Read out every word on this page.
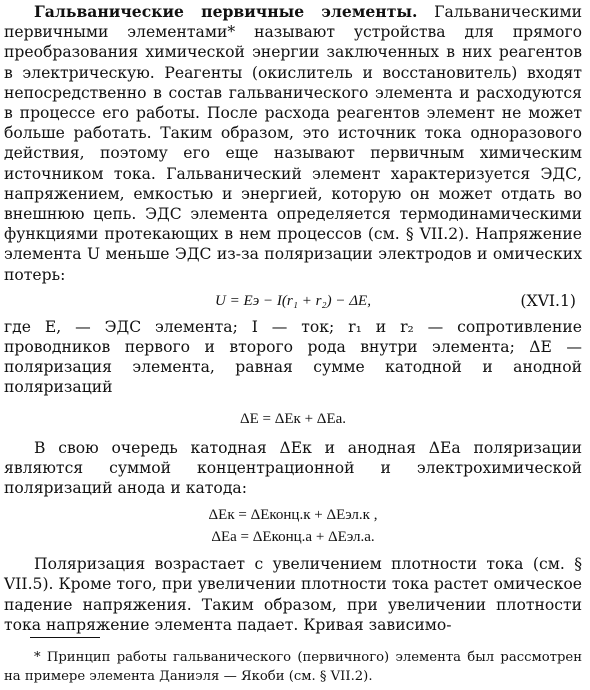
Гальванические первичные элементы. Гальваническими первичными элементами* называют устройства для прямого преобразования химической энергии заключенных в них реагентов в электрическую. Реагенты (окислитель и восстановитель) входят непосредственно в состав гальванического элемента и расходуются в процессе его работы. После расхода реагентов элемент не может больше работать. Таким образом, это источник тока одноразового действия, поэтому его еще называют первичным химическим источником тока. Гальванический элемент характеризуется ЭДС, напряжением, емкостью и энергией, которую он может отдать во внешнюю цепь. ЭДС элемента определяется термодинамическими функциями протекающих в нем процессов (см. § VII.2). Напряжение элемента U меньше ЭДС из-за поляризации электродов и омических потерь:

U = Eэ − I(r₁ + r₂) − ΔE,	(XVI.1)

где E, — ЭДС элемента; I — ток; r₁ и r₂ — сопротивление проводников первого и второго рода внутри элемента; ΔE — поляризация элемента, равная сумме катодной и анодной поляризаций

ΔE = ΔEк + ΔEа.

В свою очередь катодная ΔEк и анодная ΔEа поляризации являются суммой концентрационной и электрохимической поляризаций анода и катода:

ΔEк = ΔEконц.к + ΔEэл.к ,
ΔEа = ΔEконц.а + ΔEэл.а.

Поляризация возрастает с увеличением плотности тока (см. § VII.5). Кроме того, при увеличении плотности тока растет омическое падение напряжения. Таким образом, при увеличении плотности тока напряжение элемента падает. Кривая зависимо-

* Принцип работы гальванического (первичного) элемента был рассмотрен на примере элемента Даниэля — Якоби (см. § VII.2).
